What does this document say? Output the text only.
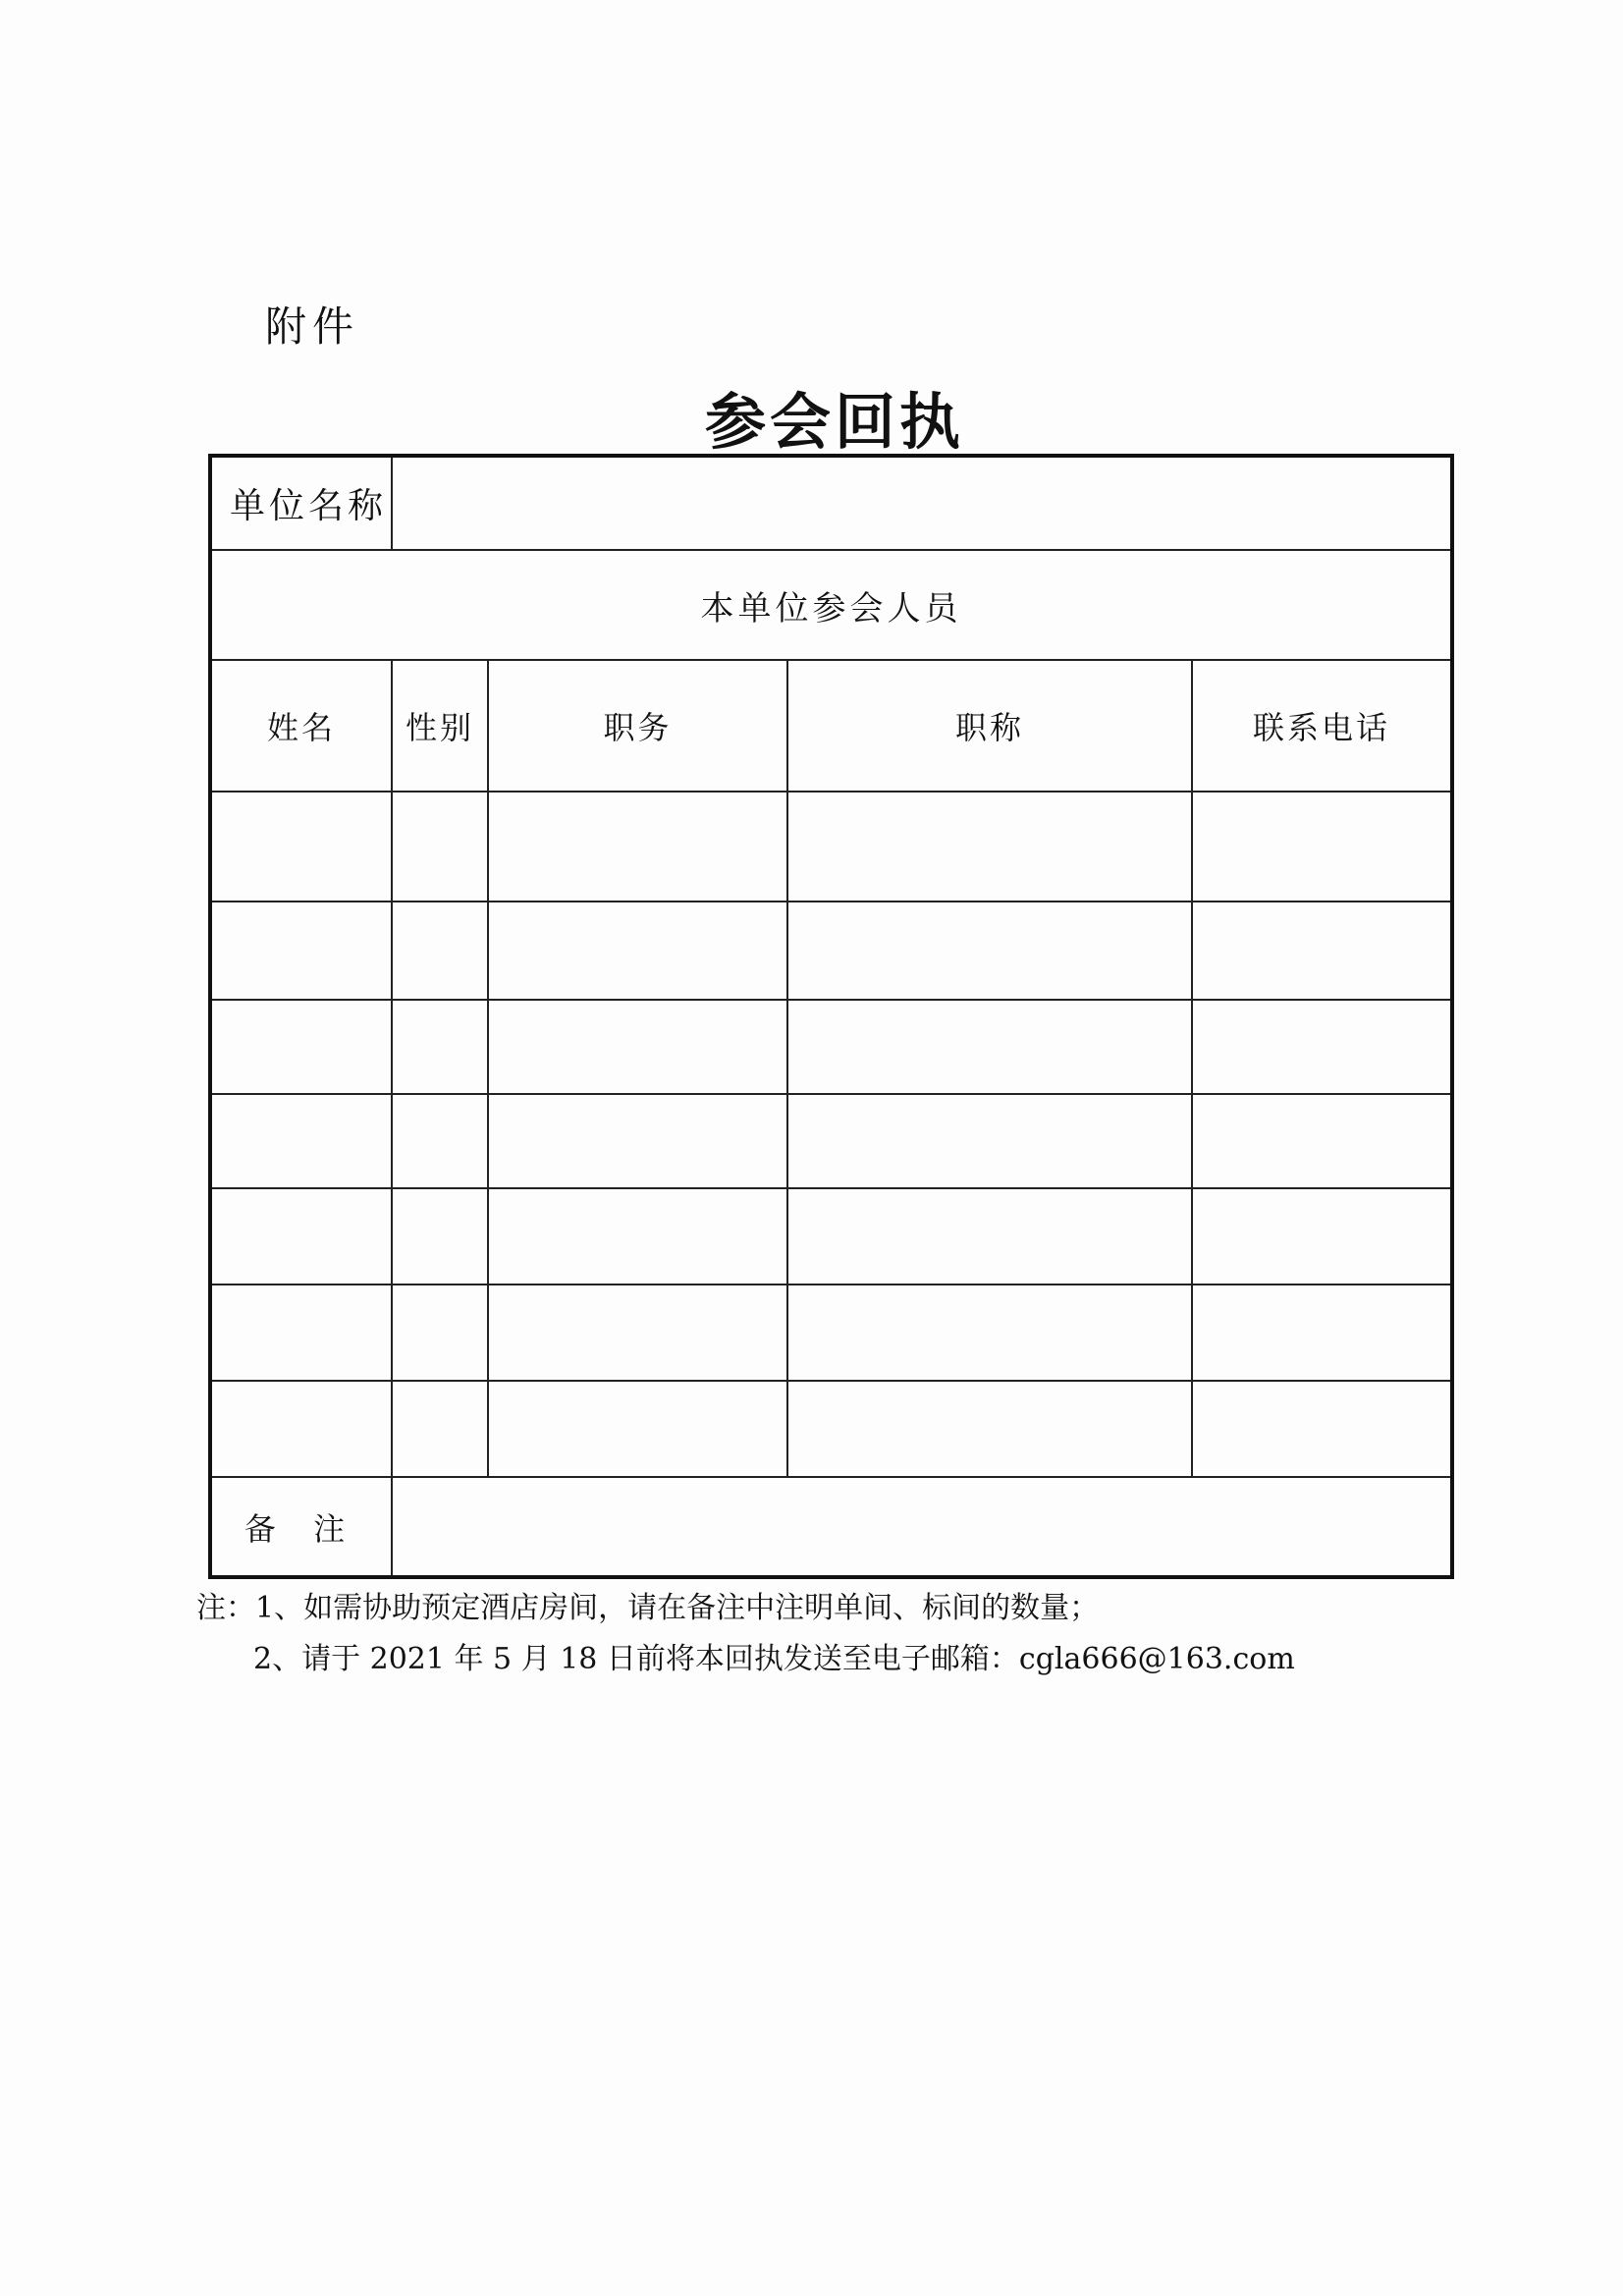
附件
参会回执
单位名称				
本单位参会人员				
姓名	性别	职务	职称	联系电话

备 注				
注：1、如需协助预定酒店房间，请在备注中注明单间、标间的数量；
2、请于 2021 年 5 月 18 日前将本回执发送至电子邮箱：cgla666@163.com
